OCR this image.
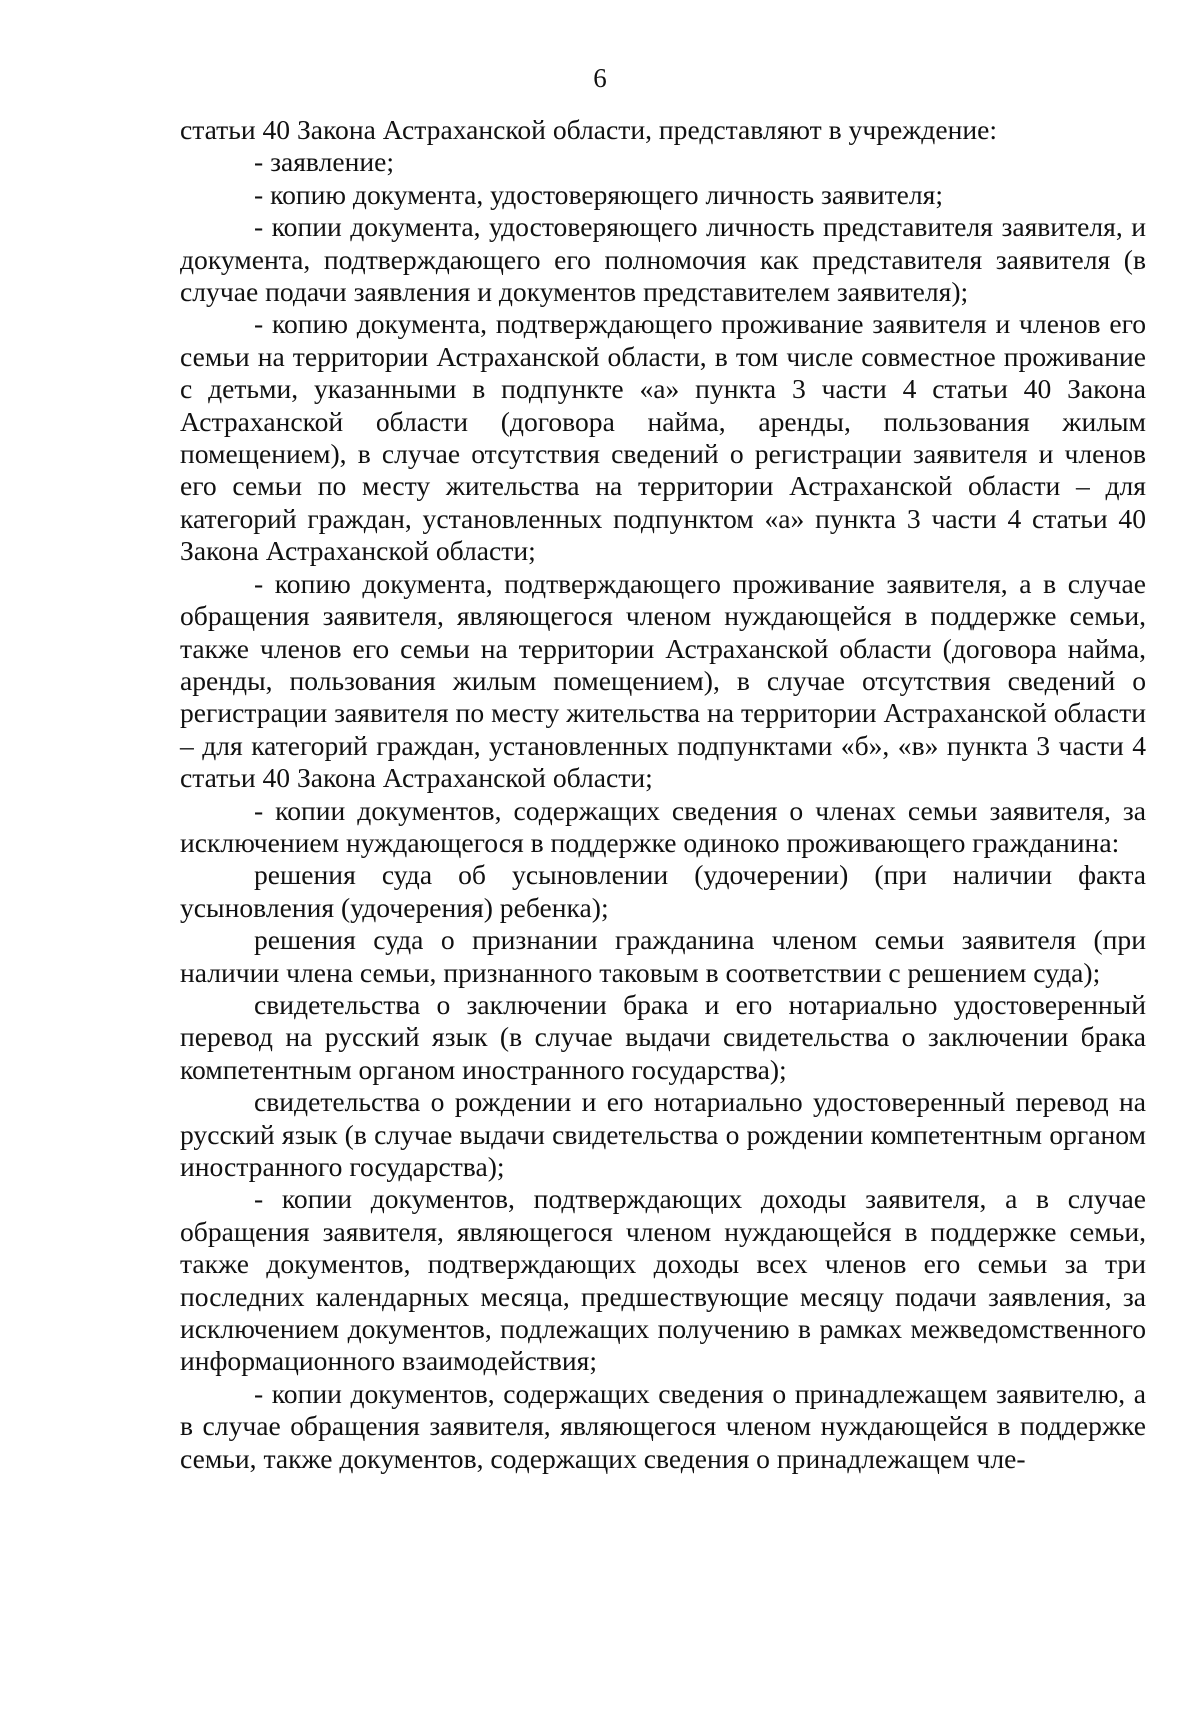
6

статьи 40 Закона Астраханской области, представляют в учреждение:

- заявление;

- копию документа, удостоверяющего личность заявителя;

- копии документа, удостоверяющего личность представителя заявителя, и документа, подтверждающего его полномочия как представителя заявителя (в случае подачи заявления и документов представителем заявителя);

- копию документа, подтверждающего проживание заявителя и членов его семьи на территории Астраханской области, в том числе совместное проживание с детьми, указанными в подпункте «а» пункта 3 части 4 статьи 40 Закона Астраханской области (договора найма, аренды, пользования жилым помещением), в случае отсутствия сведений о регистрации заявителя и членов его семьи по месту жительства на территории Астраханской области – для категорий граждан, установленных подпунктом «а» пункта 3 части 4 статьи 40 Закона Астраханской области;

- копию документа, подтверждающего проживание заявителя, а в случае обращения заявителя, являющегося членом нуждающейся в поддержке семьи, также членов его семьи на территории Астраханской области (договора найма, аренды, пользования жилым помещением), в случае отсутствия сведений о регистрации заявителя по месту жительства на территории Астраханской области – для категорий граждан, установленных подпунктами «б», «в» пункта 3 части 4 статьи 40 Закона Астраханской области;

- копии документов, содержащих сведения о членах семьи заявителя, за исключением нуждающегося в поддержке одиноко проживающего гражданина:

решения суда об усыновлении (удочерении) (при наличии факта усыновления (удочерения) ребенка);

решения суда о признании гражданина членом семьи заявителя (при наличии члена семьи, признанного таковым в соответствии с решением суда);

свидетельства о заключении брака и его нотариально удостоверенный перевод на русский язык (в случае выдачи свидетельства о заключении брака компетентным органом иностранного государства);

свидетельства о рождении и его нотариально удостоверенный перевод на русский язык (в случае выдачи свидетельства о рождении компетентным органом иностранного государства);

- копии документов, подтверждающих доходы заявителя, а в случае обращения заявителя, являющегося членом нуждающейся в поддержке семьи, также документов, подтверждающих доходы всех членов его семьи за три последних календарных месяца, предшествующие месяцу подачи заявления, за исключением документов, подлежащих получению в рамках межведомственного информационного взаимодействия;

- копии документов, содержащих сведения о принадлежащем заявителю, а в случае обращения заявителя, являющегося членом нуждающейся в поддержке семьи, также документов, содержащих сведения о принадлежащем чле-
